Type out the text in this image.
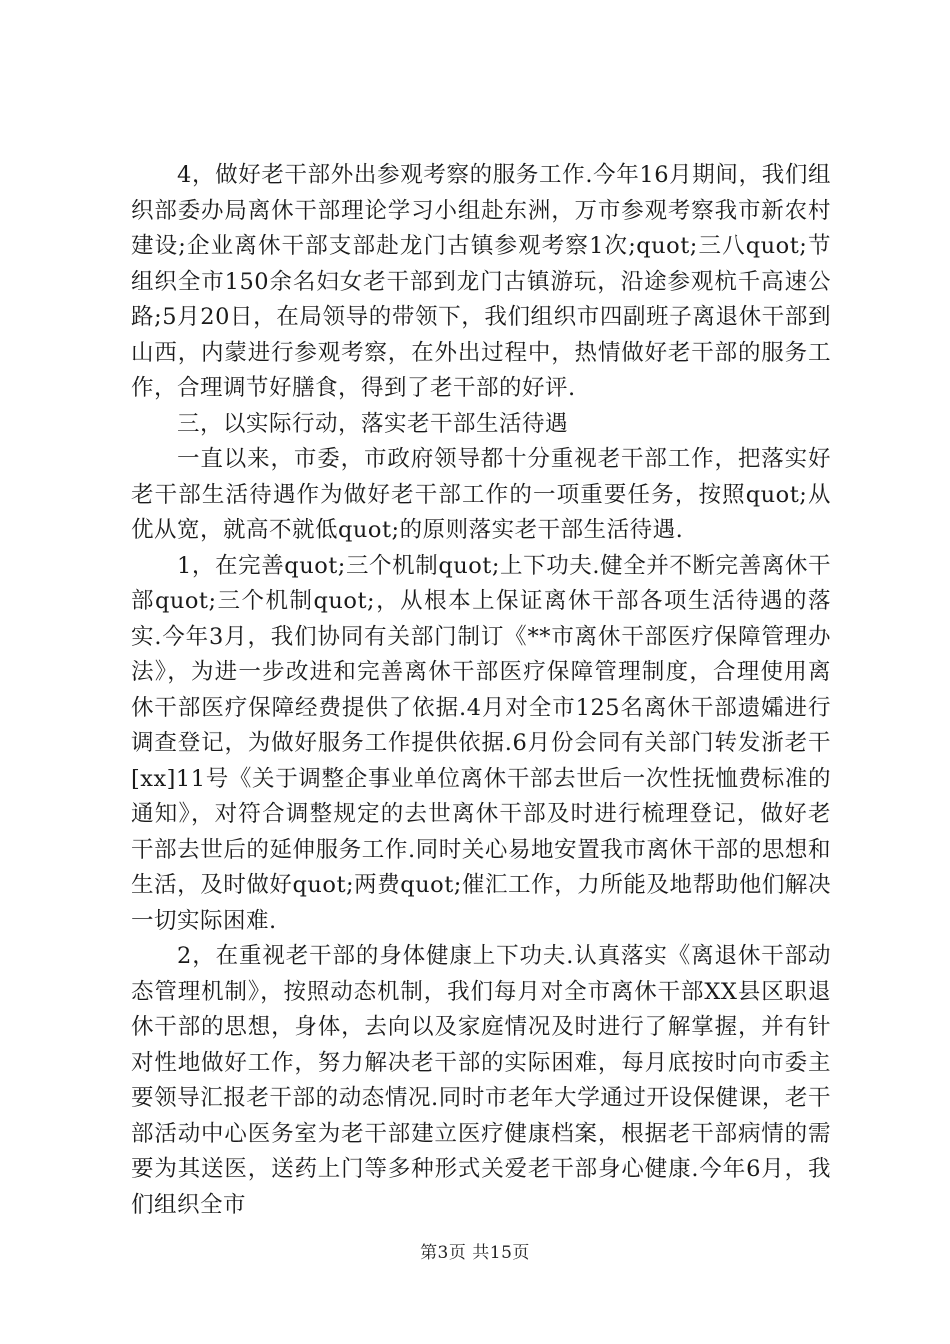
4，做好老干部外出参观考察的服务工作.今年16月期间，我们组织部委办局离休干部理论学习小组赴东洲，万市参观考察我市新农村建设;企业离休干部支部赴龙门古镇参观考察1次;quot;三八quot;节组织全市150余名妇女老干部到龙门古镇游玩，沿途参观杭千高速公路;5月20日，在局领导的带领下，我们组织市四副班子离退休干部到山西，内蒙进行参观考察，在外出过程中，热情做好老干部的服务工作，合理调节好膳食，得到了老干部的好评.

三，以实际行动，落实老干部生活待遇

一直以来，市委，市政府领导都十分重视老干部工作，把落实好老干部生活待遇作为做好老干部工作的一项重要任务，按照quot;从优从宽，就高不就低quot;的原则落实老干部生活待遇.

1，在完善quot;三个机制quot;上下功夫.健全并不断完善离休干部quot;三个机制quot;，从根本上保证离休干部各项生活待遇的落实.今年3月，我们协同有关部门制订《**市离休干部医疗保障管理办法》，为进一步改进和完善离休干部医疗保障管理制度，合理使用离休干部医疗保障经费提供了依据.4月对全市125名离休干部遗孀进行调查登记，为做好服务工作提供依据.6月份会同有关部门转发浙老干[xx]11号《关于调整企事业单位离休干部去世后一次性抚恤费标准的通知》，对符合调整规定的去世离休干部及时进行梳理登记，做好老干部去世后的延伸服务工作.同时关心易地安置我市离休干部的思想和生活，及时做好quot;两费quot;催汇工作，力所能及地帮助他们解决一切实际困难.

2，在重视老干部的身体健康上下功夫.认真落实《离退休干部动态管理机制》，按照动态机制，我们每月对全市离休干部XX县区职退休干部的思想，身体，去向以及家庭情况及时进行了解掌握，并有针对性地做好工作，努力解决老干部的实际困难，每月底按时向市委主要领导汇报老干部的动态情况.同时市老年大学通过开设保健课，老干部活动中心医务室为老干部建立医疗健康档案，根据老干部病情的需要为其送医，送药上门等多种形式关爱老干部身心健康.今年6月，我们组织全市

第3页 共15页
